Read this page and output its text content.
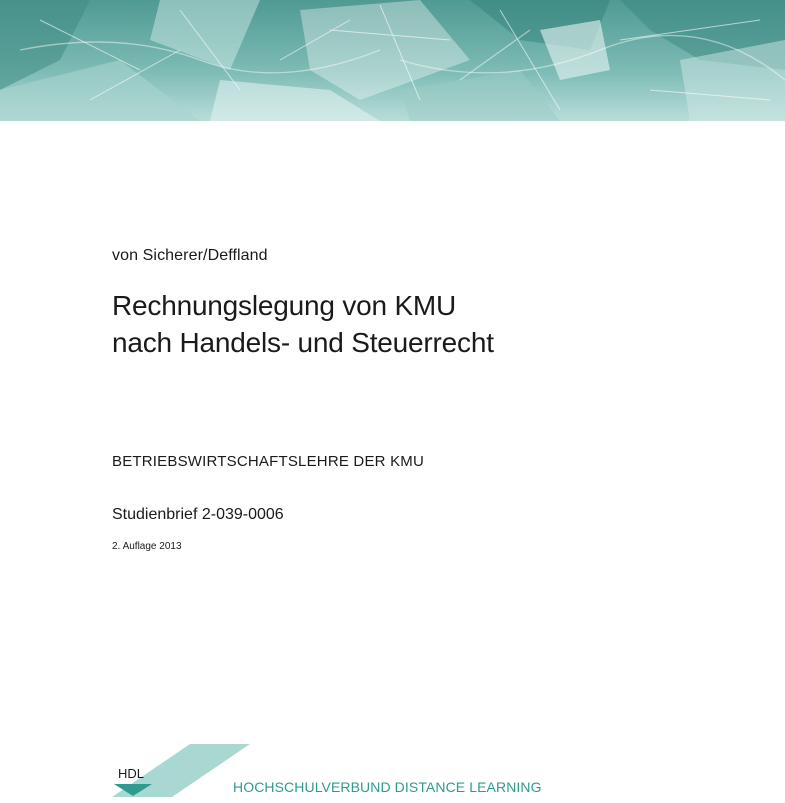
von Sicherer/Deffland
Rechnungslegung von KMU
nach Handels- und Steuerrecht
BETRIEBSWIRTSCHAFTSLEHRE DER KMU
Studienbrief 2-039-0006
2. Auflage 2013
HDL
HOCHSCHULVERBUND DISTANCE LEARNING
